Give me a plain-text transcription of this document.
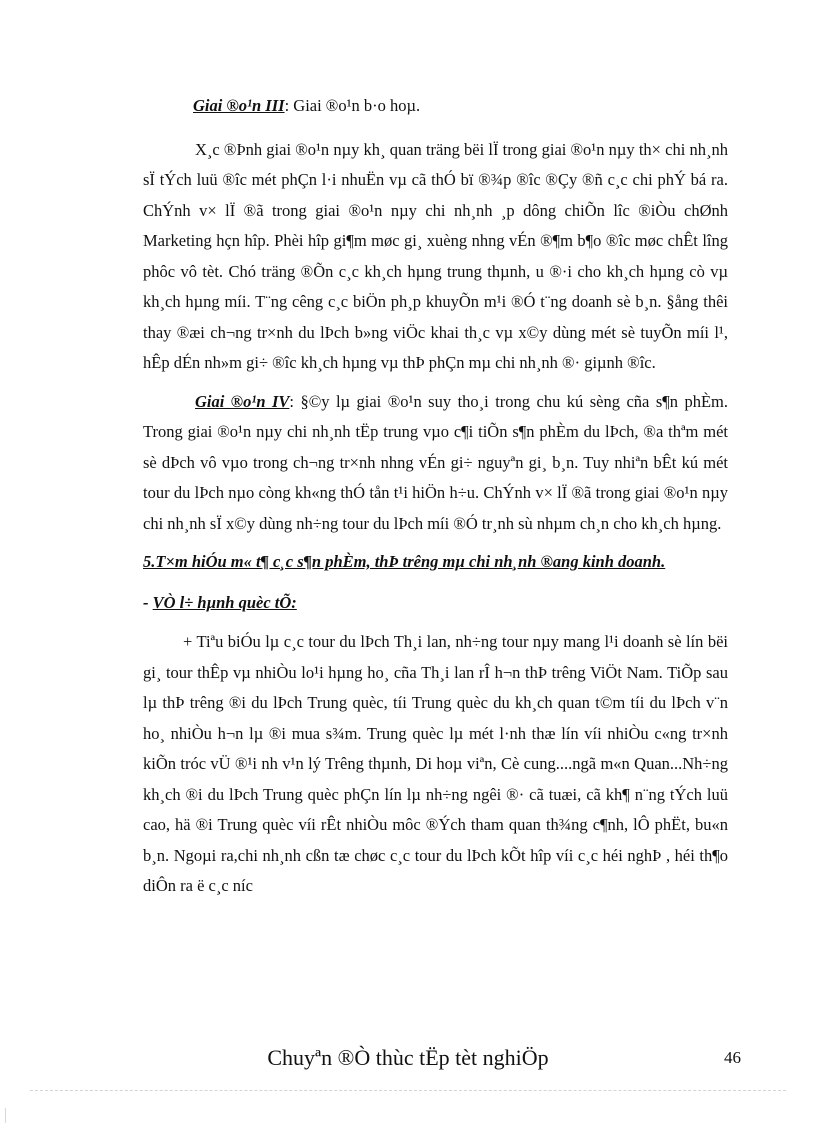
Giai ®o¹n III: Giai ®o¹n b·o hoµ.

X¸c ®Þnh giai ®o¹n nµy kh¸ quan träng bëi lÏ trong giai ®o¹n nµy th× chi nh¸nh sÏ tÝch luü ®îc mét phÇn l·i nhuËn vµ cã thÓ bï ®¾p ®îc ®Çy ®ñ c¸c chi phÝ bá ra. ChÝnh v× lÏ ®ã trong giai ®o¹n nµy chi nh¸nh ¸p dông chiÕn lîc ®iÒu chØnh Marketing hçn hîp. Phèi hîp gi¶m møc gi¸ xuèng nhng vÉn ®¶m b¶o ®îc møc chÊt lîng phôc vô tèt. Chó träng ®Õn c¸c kh¸ch hµng trung thµnh, u ®·i cho kh¸ch hµng cò vµ kh¸ch hµng míi. T¨ng cêng c¸c biÖn ph¸p khuyÕn m¹i ®Ó t¨ng doanh sè b¸n. §ång thêi thay ®æi ch¬ng tr×nh du lÞch b»ng viÖc khai th¸c vµ x©y dùng mét sè tuyÕn míi l¹, hÊp dÉn nh»m gi÷ ®îc kh¸ch hµng vµ thÞ phÇn mµ chi nh¸nh ®· giµnh ®îc.

Giai ®o¹n IV: §©y lµ giai ®o¹n suy tho¸i trong chu kú sèng cña s¶n phÈm. Trong giai ®o¹n nµy chi nh¸nh tËp trung vµo c¶i tiÕn s¶n phÈm du lÞch, ®a thªm mét sè dÞch vô vµo trong ch¬ng tr×nh nhng vÉn gi÷ nguyªn gi¸ b¸n. Tuy nhiªn bÊt kú mét tour du lÞch nµo còng kh«ng thÓ tån t¹i hiÖn h÷u. ChÝnh v× lÏ ®ã trong giai ®o¹n nµy chi nh¸nh sÏ x©y dùng nh÷ng tour du lÞch míi ®Ó tr¸nh sù nhµm ch¸n cho kh¸ch hµng.

5.T×m hiÓu m« t¶ c¸c s¶n phÈm, thÞ trêng mµ chi nh¸nh ®ang kinh doanh.

- VÒ l÷ hµnh quèc tÕ:

+ Tiªu biÓu lµ c¸c tour du lÞch Th¸i lan, nh÷ng tour nµy mang l¹i doanh sè lín bëi gi¸ tour thÊp vµ nhiÒu lo¹i hµng ho¸ cña Th¸i lan rÎ h¬n thÞ trêng ViÖt Nam. TiÕp sau lµ thÞ trêng ®i du lÞch Trung quèc, tíi Trung quèc du kh¸ch quan t©m tíi du lÞch v¨n ho¸ nhiÒu h¬n lµ ®i mua s¾m. Trung quèc lµ mét l·nh thæ lín víi nhiÒu c«ng tr×nh kiÕn tróc vÜ ®¹i nh v¹n lý Trêng thµnh, Di hoµ viªn, Cè cung....ngã m«n Quan...Nh÷ng kh¸ch ®i du lÞch Trung quèc phÇn lín lµ nh÷ng ngêi ®· cã tuæi, cã kh¶ n¨ng tÝch luü cao, hä ®i Trung quèc víi rÊt nhiÒu môc ®Ých tham quan th¾ng c¶nh, lÔ phËt, bu«n b¸n. Ngoµi ra,chi nh¸nh cßn tæ chøc c¸c tour du lÞch kÕt hîp víi c¸c héi nghÞ , héi th¶o diÔn ra ë c¸c níc

Chuyªn ®Ò thùc tËp tèt nghiÖp	46
